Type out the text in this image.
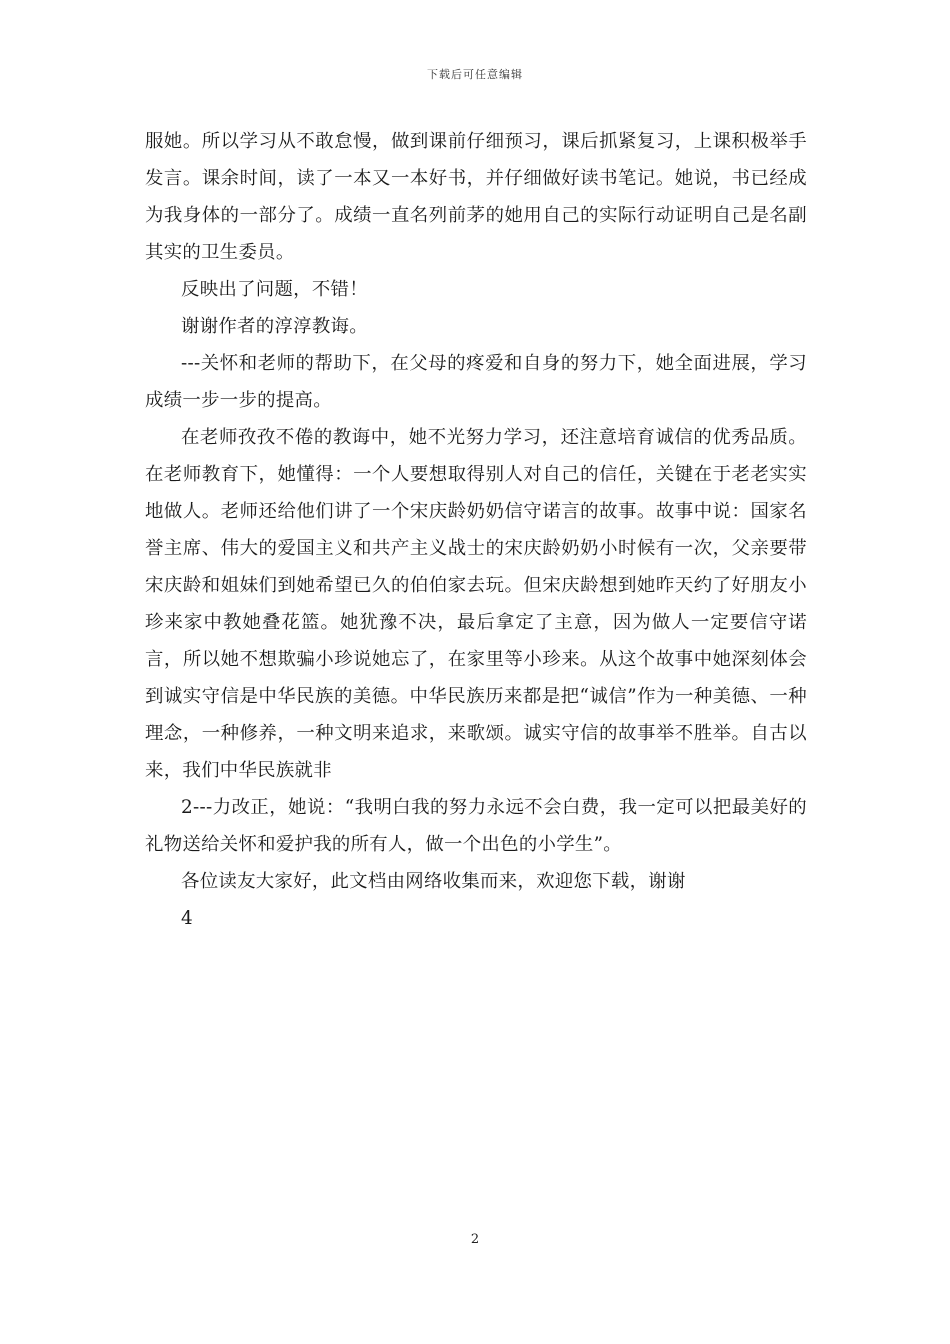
下载后可任意编辑

服她。所以学习从不敢怠慢，做到课前仔细预习，课后抓紧复习，上课积极举手发言。课余时间，读了一本又一本好书，并仔细做好读书笔记。她说，书已经成为我身体的一部分了。成绩一直名列前茅的她用自己的实际行动证明自己是名副其实的卫生委员。

反映出了问题，不错！

谢谢作者的淳淳教诲。

---关怀和老师的帮助下，在父母的疼爱和自身的努力下，她全面进展，学习成绩一步一步的提高。

在老师孜孜不倦的教诲中，她不光努力学习，还注意培育诚信的优秀品质。在老师教育下，她懂得：一个人要想取得别人对自己的信任，关键在于老老实实地做人。老师还给他们讲了一个宋庆龄奶奶信守诺言的故事。故事中说：国家名誉主席、伟大的爱国主义和共产主义战士的宋庆龄奶奶小时候有一次，父亲要带宋庆龄和姐妹们到她希望已久的伯伯家去玩。但宋庆龄想到她昨天约了好朋友小珍来家中教她叠花篮。她犹豫不决，最后拿定了主意，因为做人一定要信守诺言，所以她不想欺骗小珍说她忘了，在家里等小珍来。从这个故事中她深刻体会到诚实守信是中华民族的美德。中华民族历来都是把“诚信”作为一种美德、一种理念，一种修养，一种文明来追求，来歌颂。诚实守信的故事举不胜举。自古以来，我们中华民族就非

2---力改正，她说：“我明白我的努力永远不会白费，我一定可以把最美好的礼物送给关怀和爱护我的所有人，做一个出色的小学生”。

各位读友大家好，此文档由网络收集而来，欢迎您下载，谢谢

4

2
